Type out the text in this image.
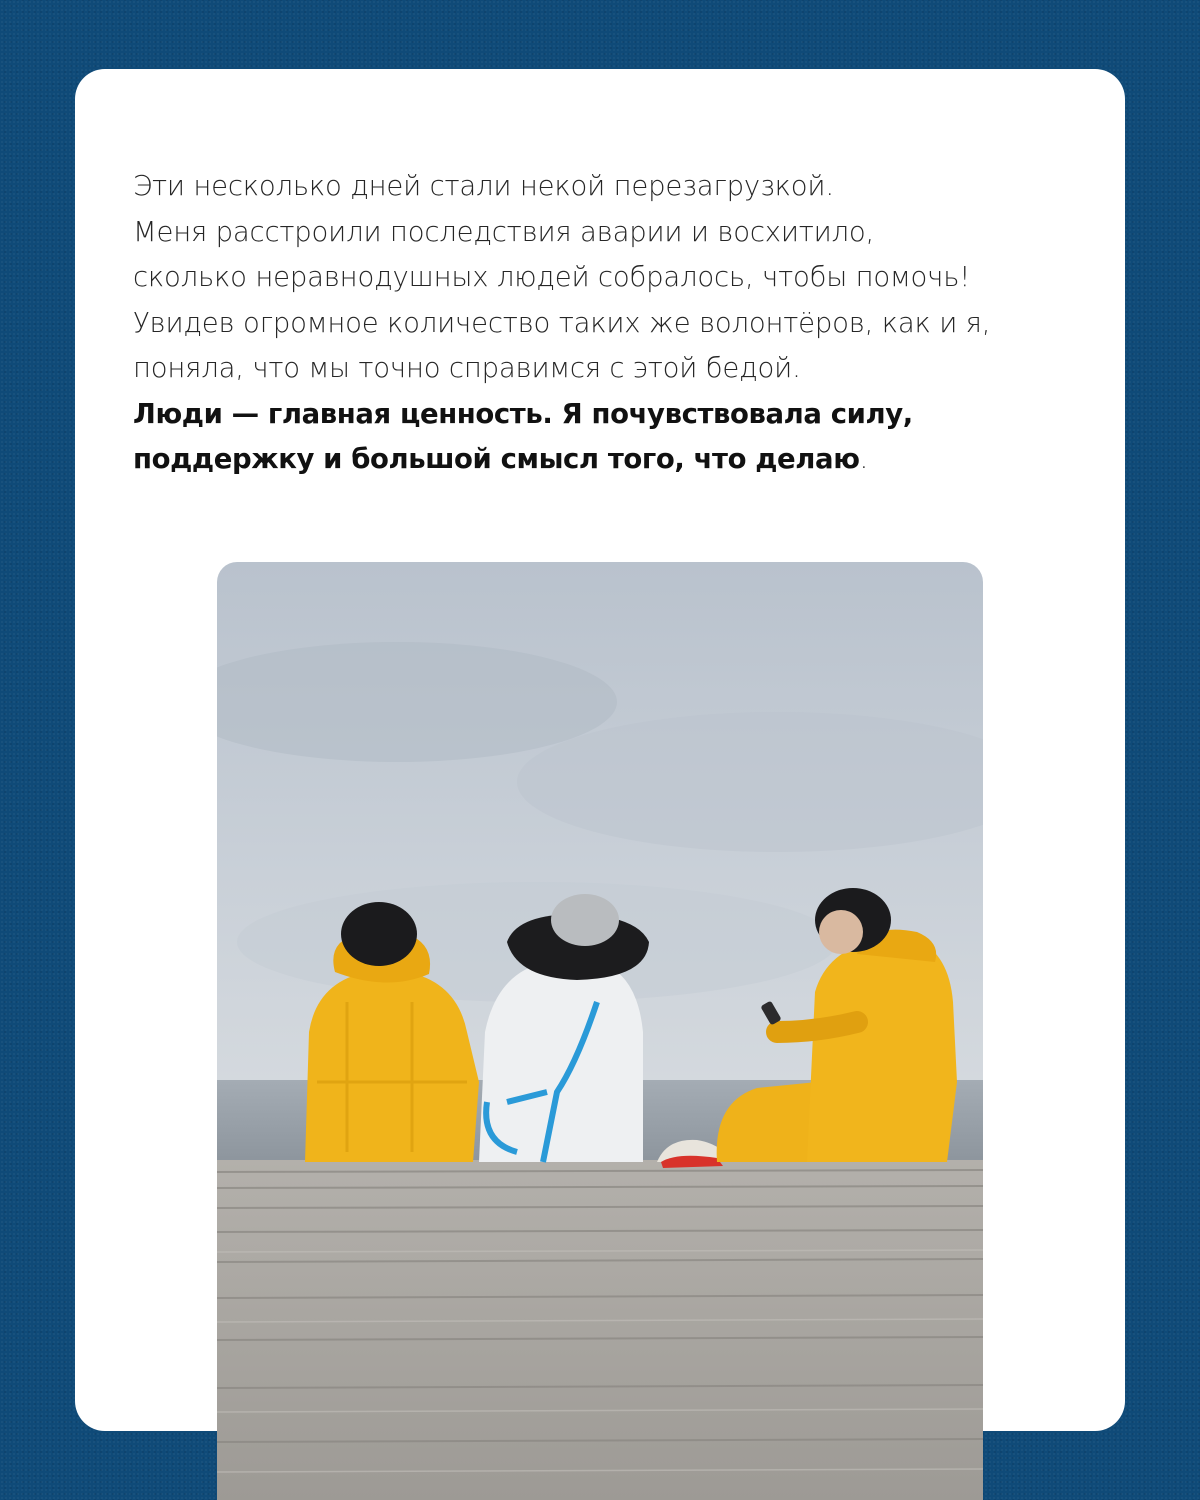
Эти несколько дней стали некой перезагрузкой.
Меня расстроили последствия аварии и восхитило,
сколько неравнодушных людей собралось, чтобы помочь!
Увидев огромное количество таких же волонтёров, как и я,
поняла, что мы точно справимся с этой бедой.
Люди — главная ценность. Я почувствовала силу,
поддержку и большой смысл того, что делаю.
